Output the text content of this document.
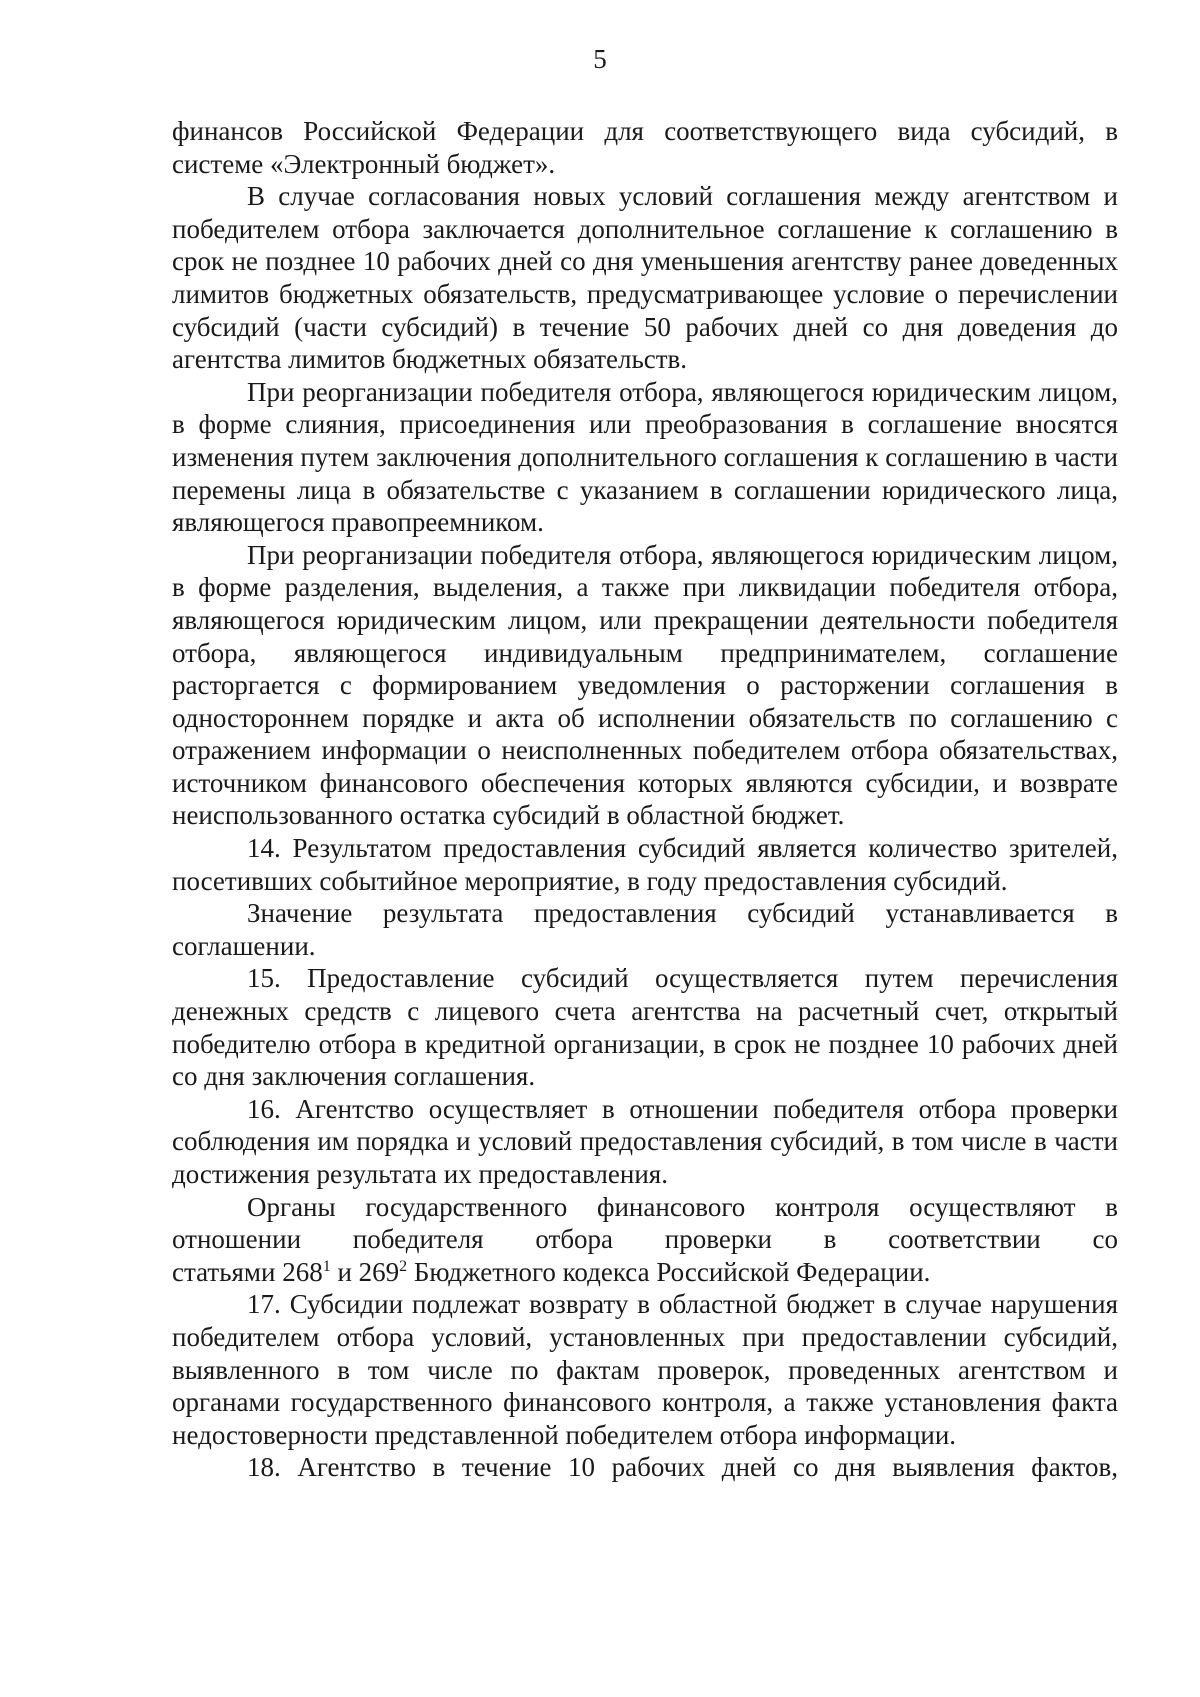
5

финансов Российской Федерации для соответствующего вида субсидий, в системе «Электронный бюджет».

В случае согласования новых условий соглашения между агентством и победителем отбора заключается дополнительное соглашение к соглашению в срок не позднее 10 рабочих дней со дня уменьшения агентству ранее доведенных лимитов бюджетных обязательств, предусматривающее условие о перечислении субсидий (части субсидий) в течение 50 рабочих дней со дня доведения до агентства лимитов бюджетных обязательств.

При реорганизации победителя отбора, являющегося юридическим лицом, в форме слияния, присоединения или преобразования в соглашение вносятся изменения путем заключения дополнительного соглашения к соглашению в части перемены лица в обязательстве с указанием в соглашении юридического лица, являющегося правопреемником.

При реорганизации победителя отбора, являющегося юридическим лицом, в форме разделения, выделения, а также при ликвидации победителя отбора, являющегося юридическим лицом, или прекращении деятельности победителя отбора, являющегося индивидуальным предпринимателем, соглашение расторгается с формированием уведомления о расторжении соглашения в одностороннем порядке и акта об исполнении обязательств по соглашению с отражением информации о неисполненных победителем отбора обязательствах, источником финансового обеспечения которых являются субсидии, и возврате неиспользованного остатка субсидий в областной бюджет.

14. Результатом предоставления субсидий является количество зрителей, посетивших событийное мероприятие, в году предоставления субсидий.

Значение результата предоставления субсидий устанавливается в соглашении.

15. Предоставление субсидий осуществляется путем перечисления денежных средств с лицевого счета агентства на расчетный счет, открытый победителю отбора в кредитной организации, в срок не позднее 10 рабочих дней со дня заключения соглашения.

16. Агентство осуществляет в отношении победителя отбора проверки соблюдения им порядка и условий предоставления субсидий, в том числе в части достижения результата их предоставления.

Органы государственного финансового контроля осуществляют в отношении победителя отбора проверки в соответствии со

статьями $268^1$ и $269^2$ Бюджетного кодекса Российской Федерации.

17. Субсидии подлежат возврату в областной бюджет в случае нарушения победителем отбора условий, установленных при предоставлении субсидий, выявленного в том числе по фактам проверок, проведенных агентством и органами государственного финансового контроля, а также установления факта недостоверности представленной победителем отбора информации.

18. Агентство в течение 10 рабочих дней со дня выявления фактов,
